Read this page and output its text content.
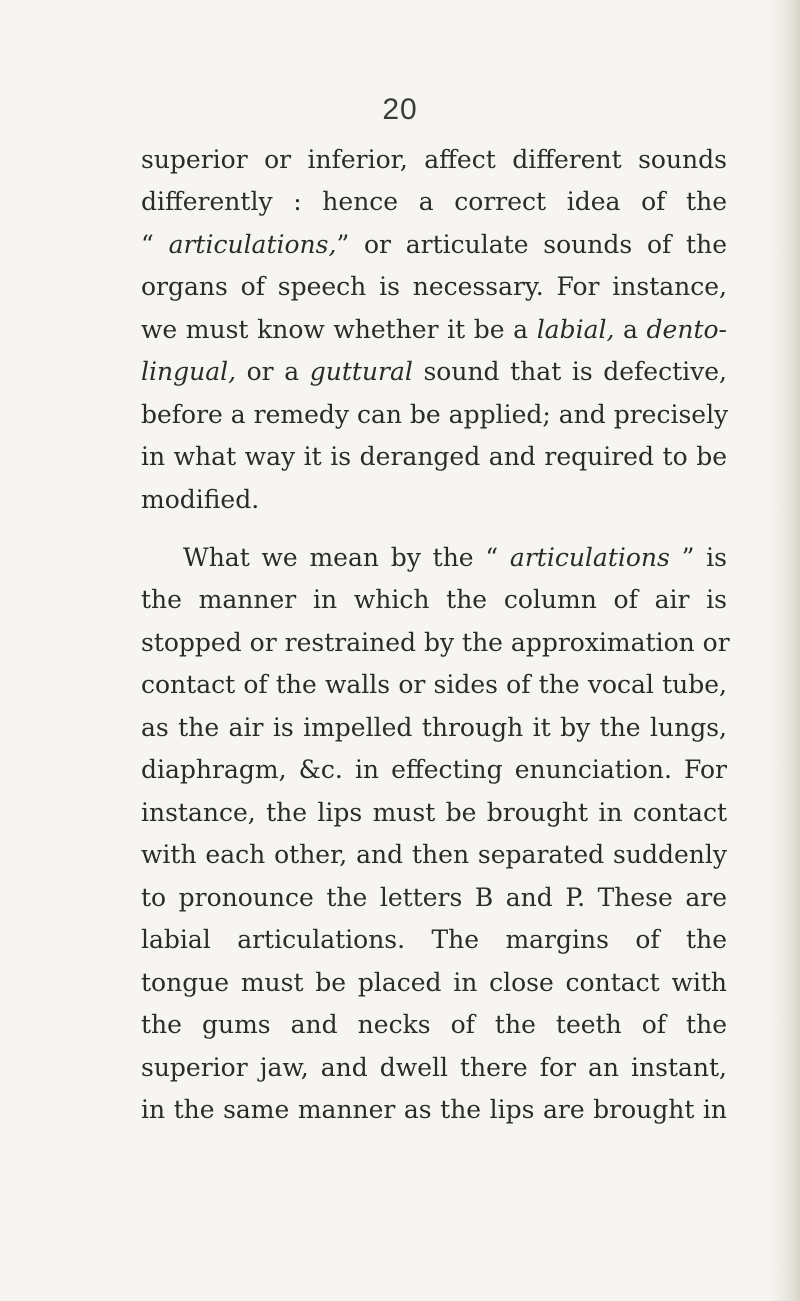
20
superior or inferior, affect different sounds
differently : hence a correct idea of the
“ articulations,” or articulate sounds of the
organs of speech is necessary. For instance,
we must know whether it be a labial, a dento-
lingual, or a guttural sound that is defective,
before a remedy can be applied; and precisely
in what way it is deranged and required to be
modified.
What we mean by the “ articulations ” is
the manner in which the column of air is
stopped or restrained by the approximation or
contact of the walls or sides of the vocal tube,
as the air is impelled through it by the lungs,
diaphragm, &c. in effecting enunciation. For
instance, the lips must be brought in contact
with each other, and then separated suddenly
to pronounce the letters B and P. These are
labial articulations. The margins of the
tongue must be placed in close contact with
the gums and necks of the teeth of the
superior jaw, and dwell there for an instant,
in the same manner as the lips are brought in
